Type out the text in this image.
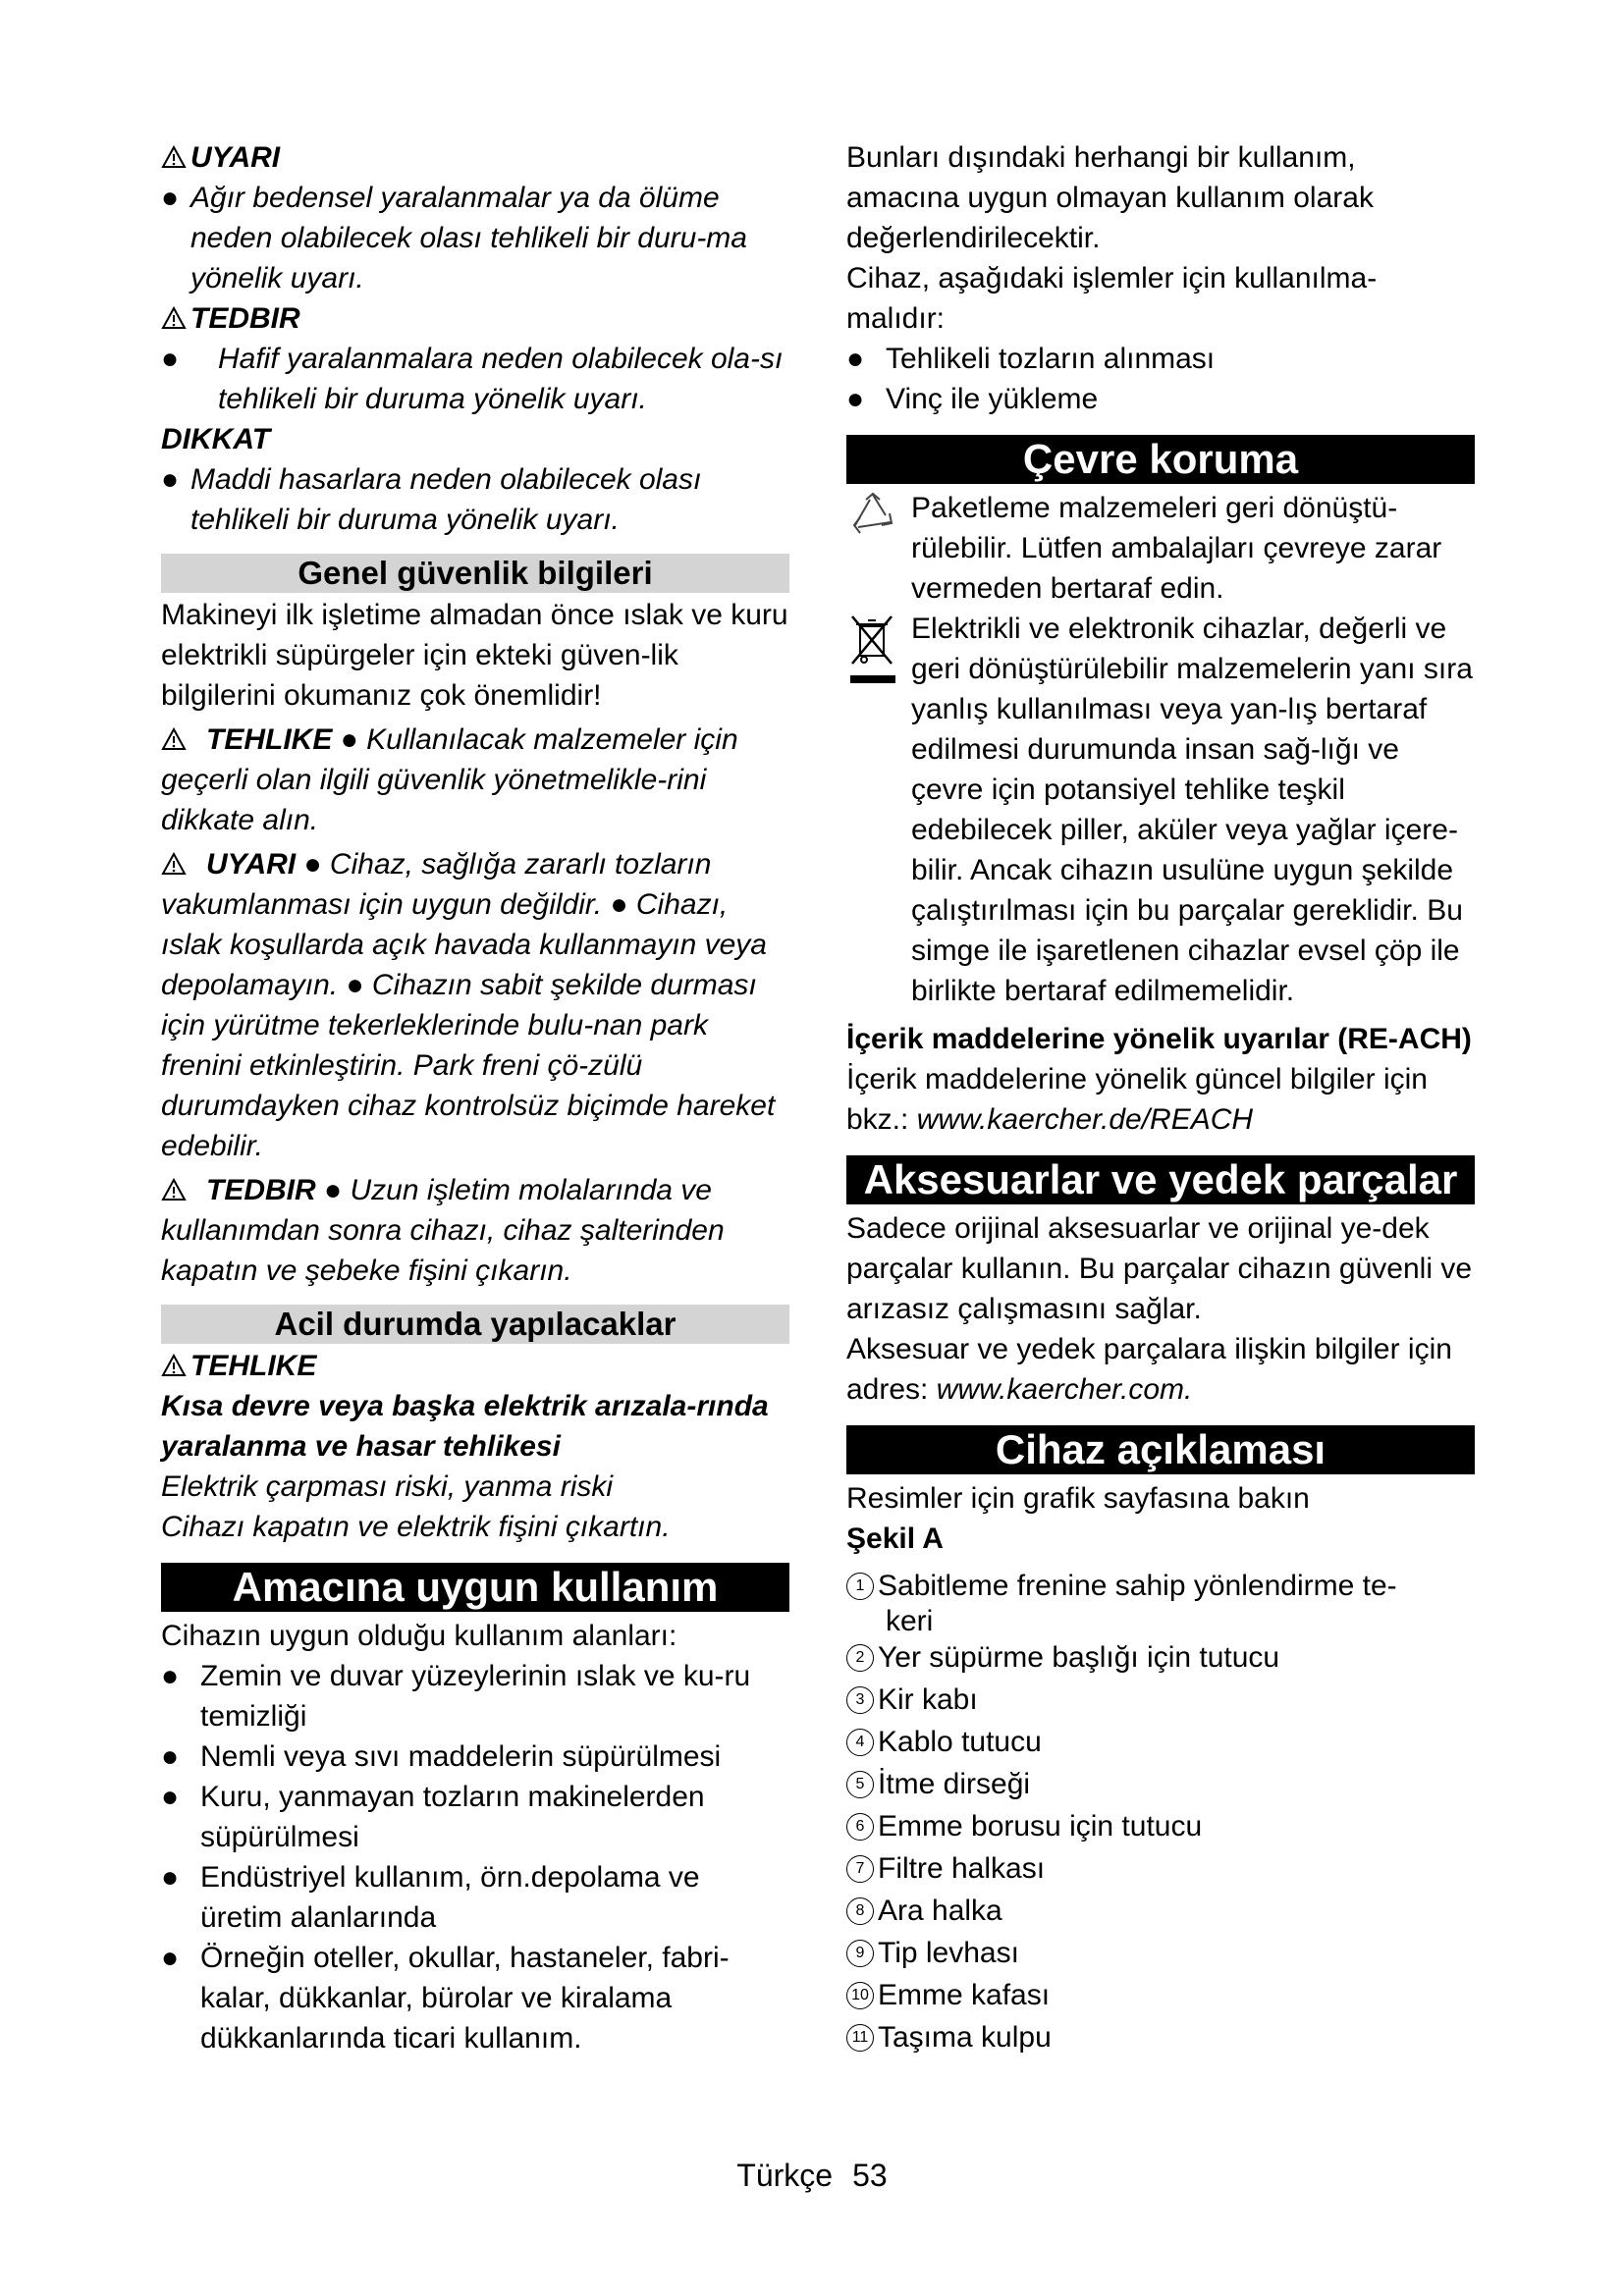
UYARI

● Ağır bedensel yaralanmalar ya da ölüme neden olabilecek olası tehlikeli bir duru-ma yönelik uyarı.

TEDBIR

●	Hafif yaralanmalara neden olabilecek ola-sı tehlikeli bir duruma yönelik uyarı.

DIKKAT

● Maddi hasarlara neden olabilecek olası tehlikeli bir duruma yönelik uyarı.
Genel güvenlik bilgileri

Makineyi ilk işletime almadan önce ıslak ve kuru elektrikli süpürgeler için ekteki güven-lik bilgilerini okumanız çok önemlidir!

TEHLIKE ● Kullanılacak malzemeler için geçerli olan ilgili güvenlik yönetmelikle-rini dikkate alın.

UYARI ● Cihaz, sağlığa zararlı tozların vakumlanması için uygun değildir. ● Cihazı, ıslak koşullarda açık havada kullanmayın veya depolamayın. ● Cihazın sabit şekilde durması için yürütme tekerleklerinde bulu-nan park frenini etkinleştirin. Park freni çö-zülü durumdayken cihaz kontrolsüz biçimde hareket edebilir.

TEDBIR ● Uzun işletim molalarında ve kullanımdan sonra cihazı, cihaz şalterinden kapatın ve şebeke fişini çıkarın.

Acil durumda yapılacaklar

TEHLIKE

Kısa devre veya başka elektrik arızala-rında yaralanma ve hasar tehlikesi

Elektrik çarpması riski, yanma riski

Cihazı kapatın ve elektrik fişini çıkartın.

Amacına uygun kullanım

Cihazın uygun olduğu kullanım alanları:

● Zemin ve duvar yüzeylerinin ıslak ve ku-ru temizliği
● Nemli veya sıvı maddelerin süpürülmesi
● Kuru, yanmayan tozların makinelerden süpürülmesi
● Endüstriyel kullanım, örn.depolama ve üretim alanlarında
● Örneğin oteller, okullar, hastaneler, fabri-kalar, dükkanlar, bürolar ve kiralama dükkanlarında ticari kullanım.

Bunları dışındaki herhangi bir kullanım, amacına uygun olmayan kullanım olarak değerlendirilecektir.

Cihaz, aşağıdaki işlemler için kullanılma-malıdır:

● Tehlikeli tozların alınması
● Vinç ile yükleme
Çevre koruma

Paketleme malzemeleri geri dönüştü-rülebilir. Lütfen ambalajları çevreye zarar vermeden bertaraf edin.

Elektrikli ve elektronik cihazlar, değerli ve geri dönüştürülebilir malzemelerin yanı sıra yanlış kullanılması veya yan-lış bertaraf edilmesi durumunda insan sağ-lığı ve çevre için potansiyel tehlike teşkil edebilecek piller, aküler veya yağlar içere-bilir. Ancak cihazın usulüne uygun şekilde çalıştırılması için bu parçalar gereklidir. Bu simge ile işaretlenen cihazlar evsel çöp ile birlikte bertaraf edilmemelidir.

İçerik maddelerine yönelik uyarılar (RE-ACH)

İçerik maddelerine yönelik güncel bilgiler için bkz.: www.kaercher.de/REACH

Aksesuarlar ve yedek parçalar

Sadece orijinal aksesuarlar ve orijinal ye-dek parçalar kullanın. Bu parçalar cihazın güvenli ve arızasız çalışmasını sağlar.

Aksesuar ve yedek parçalara ilişkin bilgiler için adres: www.kaercher.com.

Cihaz açıklaması

Resimler için grafik sayfasına bakın

Şekil A

1 Sabitleme frenine sahip yönlendirme te-
keri
2 Yer süpürme başlığı için tutucu
3 Kir kabı
4 Kablo tutucu
5 İtme dirseği
6 Emme borusu için tutucu
7 Filtre halkası
8 Ara halka
9 Tip levhası
10 Emme kafası
11 Taşıma kulpu
Türkçe 53
